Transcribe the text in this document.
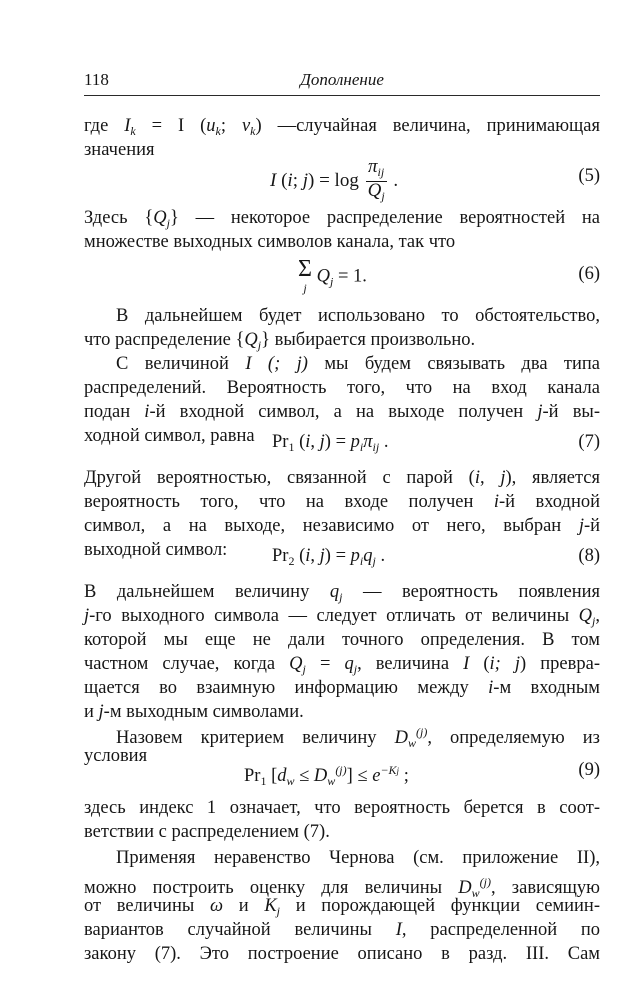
118	Дополнение

где $I_k = I$ ($u_k$; $v_k$) —случайная величина, принимающая

значения

I (i; $j) = \log \frac{\pi_{ij}}{Q_j}$ .	(5)

Здесь $\{Q_j\}$ — некоторое распределение вероятностей на

множестве выходных символов канала, так что

Σ
j
$Q_j = 1$.	(6)

В дальнейшем будет использовано то обстоятельство,

что распределение $\{Q_j\}$ выбирается произвольно.

С величиной I (; j) мы будем связывать два типа

распределений. Вероятность того, что на вход канала

подан i-й входной символ, а на выходе получен j-й вы-

ходной символ, равна $Pr_1$ (i, $j) = p_i\pi_{ij}$ .	(7)

Другой вероятностью, связанной с парой (i, j), является

вероятность того, что на входе получен i-й входной

символ, а на выходе, независимо от него, выбран j-й

выходной символ:	$Pr_2$ (i, $j) = p_iq_j$ .	(8)

В дальнейшем величину $q_j$ — вероятность появления

j-го выходного символа — следует отличать от величины $Q_j$,

которой мы еще не дали точного определения. В том

частном случае, когда $Q_j = q_j$, величина I (i; j) превра-

щается во взаимную информацию между i-м входным

и j-м выходным символами.

Назовем критерием величину $D_w^{(j)}$, определяемую из

условия

$Pr_1$ $[d_w \le D_w^{(j)}] \le e^{-Kj}$ ;	(9)

здесь индекс 1 означает, что вероятность берется в соот-

ветствии с распределением (7).

Применяя неравенство Чернова (см. приложение II),

можно построить оценку для величины $D_w^{(j)}$, зависящую

от величины ω и $K_j$ и порождающей функции семиин-

вариантов случайной величины I, распределенной по

закону (7). Это построение описано в разд. III. Сам
